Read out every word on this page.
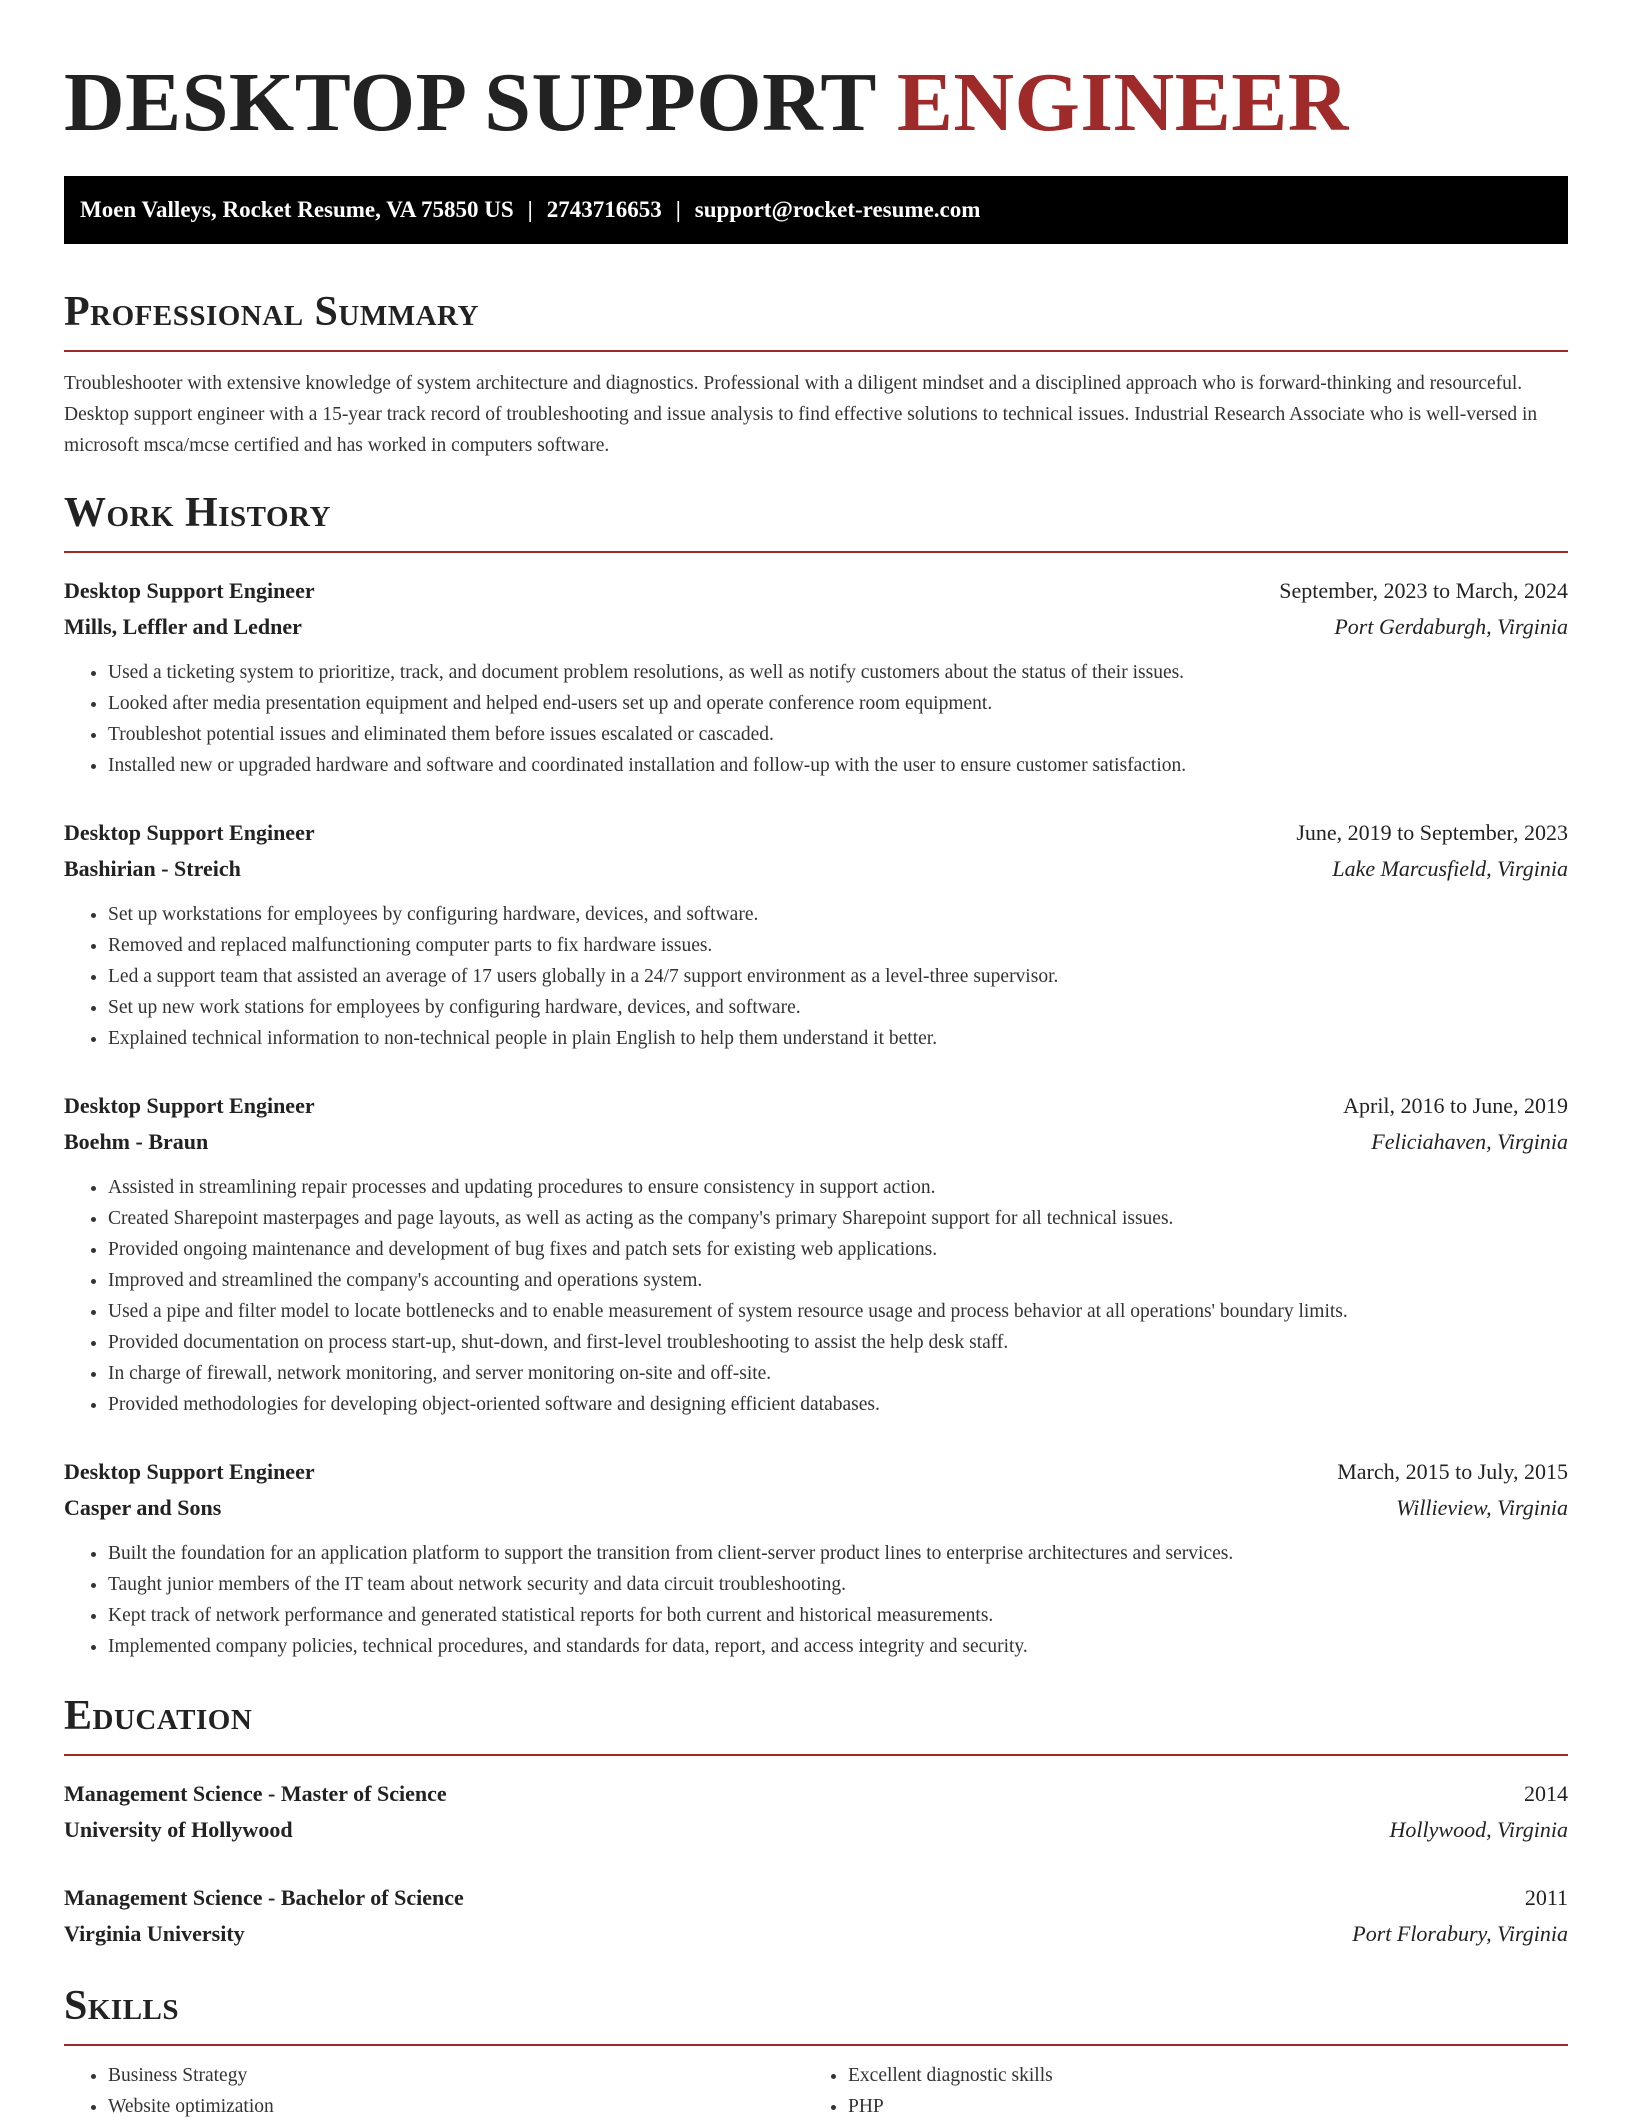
DESKTOP SUPPORT ENGINEER
Moen Valleys, Rocket Resume, VA 75850 US | 2743716653 | support@rocket-resume.com
Professional Summary
Troubleshooter with extensive knowledge of system architecture and diagnostics. Professional with a diligent mindset and a disciplined approach who is forward-thinking and resourceful. Desktop support engineer with a 15-year track record of troubleshooting and issue analysis to find effective solutions to technical issues. Industrial Research Associate who is well-versed in microsoft msca/mcse certified and has worked in computers software.
Work History
Desktop Support Engineer	September, 2023 to March, 2024
Mills, Leffler and Ledner	Port Gerdaburgh, Virginia
• Used a ticketing system to prioritize, track, and document problem resolutions, as well as notify customers about the status of their issues.
• Looked after media presentation equipment and helped end-users set up and operate conference room equipment.
• Troubleshot potential issues and eliminated them before issues escalated or cascaded.
• Installed new or upgraded hardware and software and coordinated installation and follow-up with the user to ensure customer satisfaction.
Desktop Support Engineer	June, 2019 to September, 2023
Bashirian - Streich	Lake Marcusfield, Virginia
• Set up workstations for employees by configuring hardware, devices, and software.
• Removed and replaced malfunctioning computer parts to fix hardware issues.
• Led a support team that assisted an average of 17 users globally in a 24/7 support environment as a level-three supervisor.
• Set up new work stations for employees by configuring hardware, devices, and software.
• Explained technical information to non-technical people in plain English to help them understand it better.
Desktop Support Engineer	April, 2016 to June, 2019
Boehm - Braun	Feliciahaven, Virginia
• Assisted in streamlining repair processes and updating procedures to ensure consistency in support action.
• Created Sharepoint masterpages and page layouts, as well as acting as the company's primary Sharepoint support for all technical issues.
• Provided ongoing maintenance and development of bug fixes and patch sets for existing web applications.
• Improved and streamlined the company's accounting and operations system.
• Used a pipe and filter model to locate bottlenecks and to enable measurement of system resource usage and process behavior at all operations' boundary limits.
• Provided documentation on process start-up, shut-down, and first-level troubleshooting to assist the help desk staff.
• In charge of firewall, network monitoring, and server monitoring on-site and off-site.
• Provided methodologies for developing object-oriented software and designing efficient databases.
Desktop Support Engineer	March, 2015 to July, 2015
Casper and Sons	Willieview, Virginia
• Built the foundation for an application platform to support the transition from client-server product lines to enterprise architectures and services.
• Taught junior members of the IT team about network security and data circuit troubleshooting.
• Kept track of network performance and generated statistical reports for both current and historical measurements.
• Implemented company policies, technical procedures, and standards for data, report, and access integrity and security.
Education
Management Science - Master of Science	2014
University of Hollywood	Hollywood, Virginia
Management Science - Bachelor of Science	2011
Virginia University	Port Florabury, Virginia
Skills
• Business Strategy
• Website optimization
• Excellent diagnostic skills
• PHP
